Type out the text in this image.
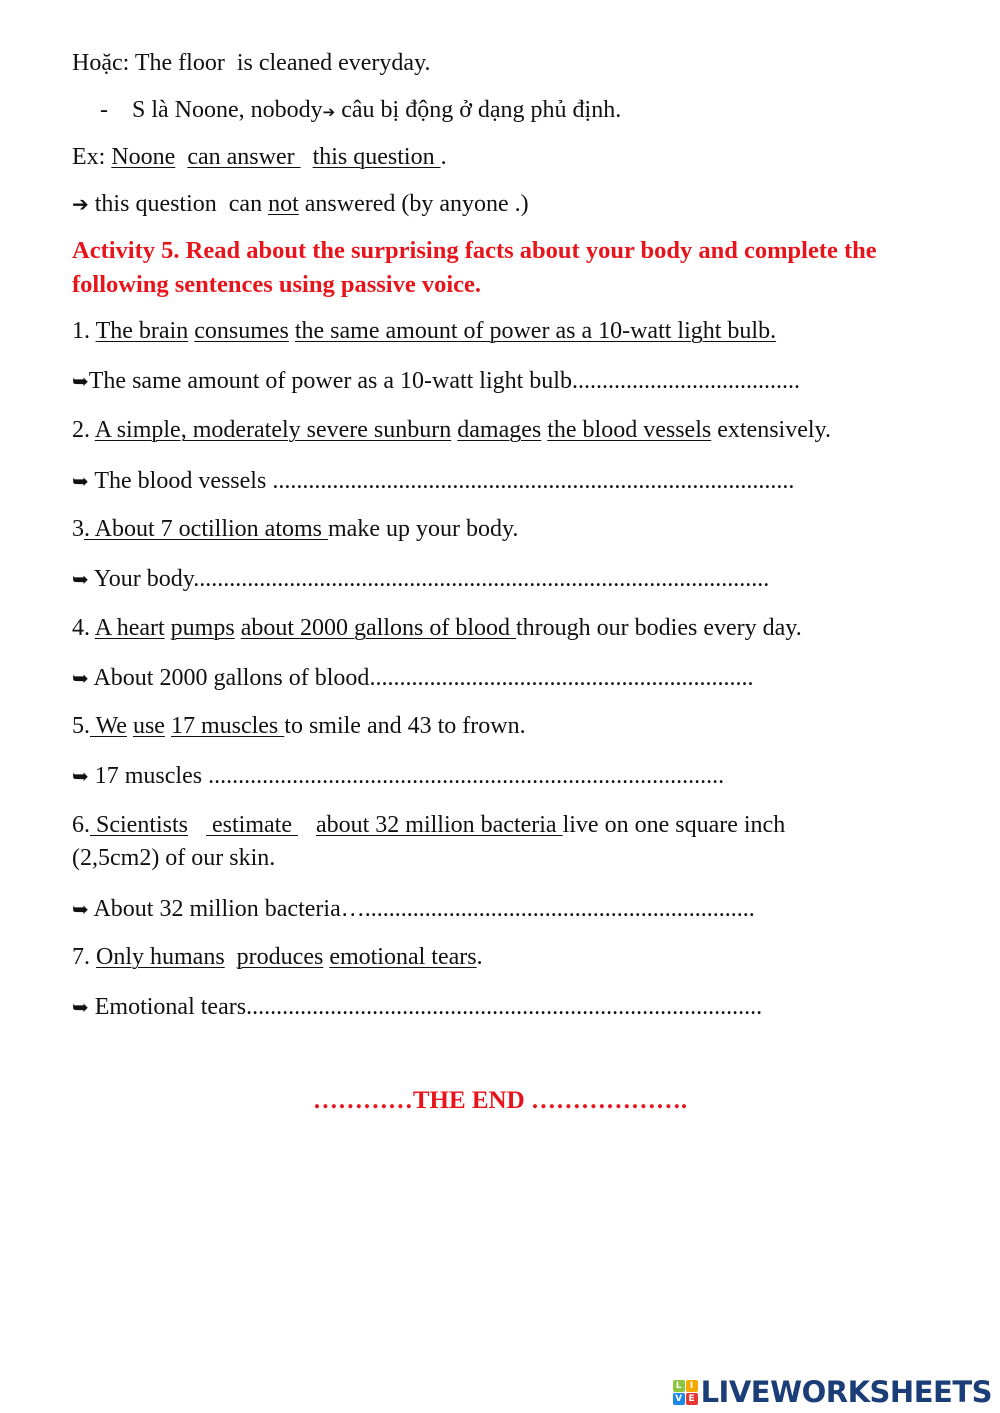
Hoặc: The floor  is cleaned everyday.
- S là Noone, nobody➔ câu bị động ở dạng phủ định.
Ex: Noone can answer   this question .
➔ this question  can not answered (by anyone .)
Activity 5. Read about the surprising facts about your body and complete the following sentences using passive voice.
1. The brain consumes the same amount of power as a 10-watt light bulb.
➥The same amount of power as a 10-watt light bulb......................................
2. A simple, moderately severe sunburn damages the blood vessels extensively.
➥ The blood vessels .......................................................................................
3. About 7 octillion atoms make up your body.
➥ Your body................................................................................................
4. A heart pumps about 2000 gallons of blood through our bodies every day.
➥ About 2000 gallons of blood................................................................
5. We use 17 muscles to smile and 43 to frown.
➥ 17 muscles ......................................................................................
6. Scientists    estimate    about 32 million bacteria live on one square inch
(2,5cm2) of our skin.
➥ About 32 million bacteria….................................................................
7. Only humans produces emotional tears.
➥ Emotional tears......................................................................................
…………THE END ……………….
L I
V E LIVEWORKSHEETS
